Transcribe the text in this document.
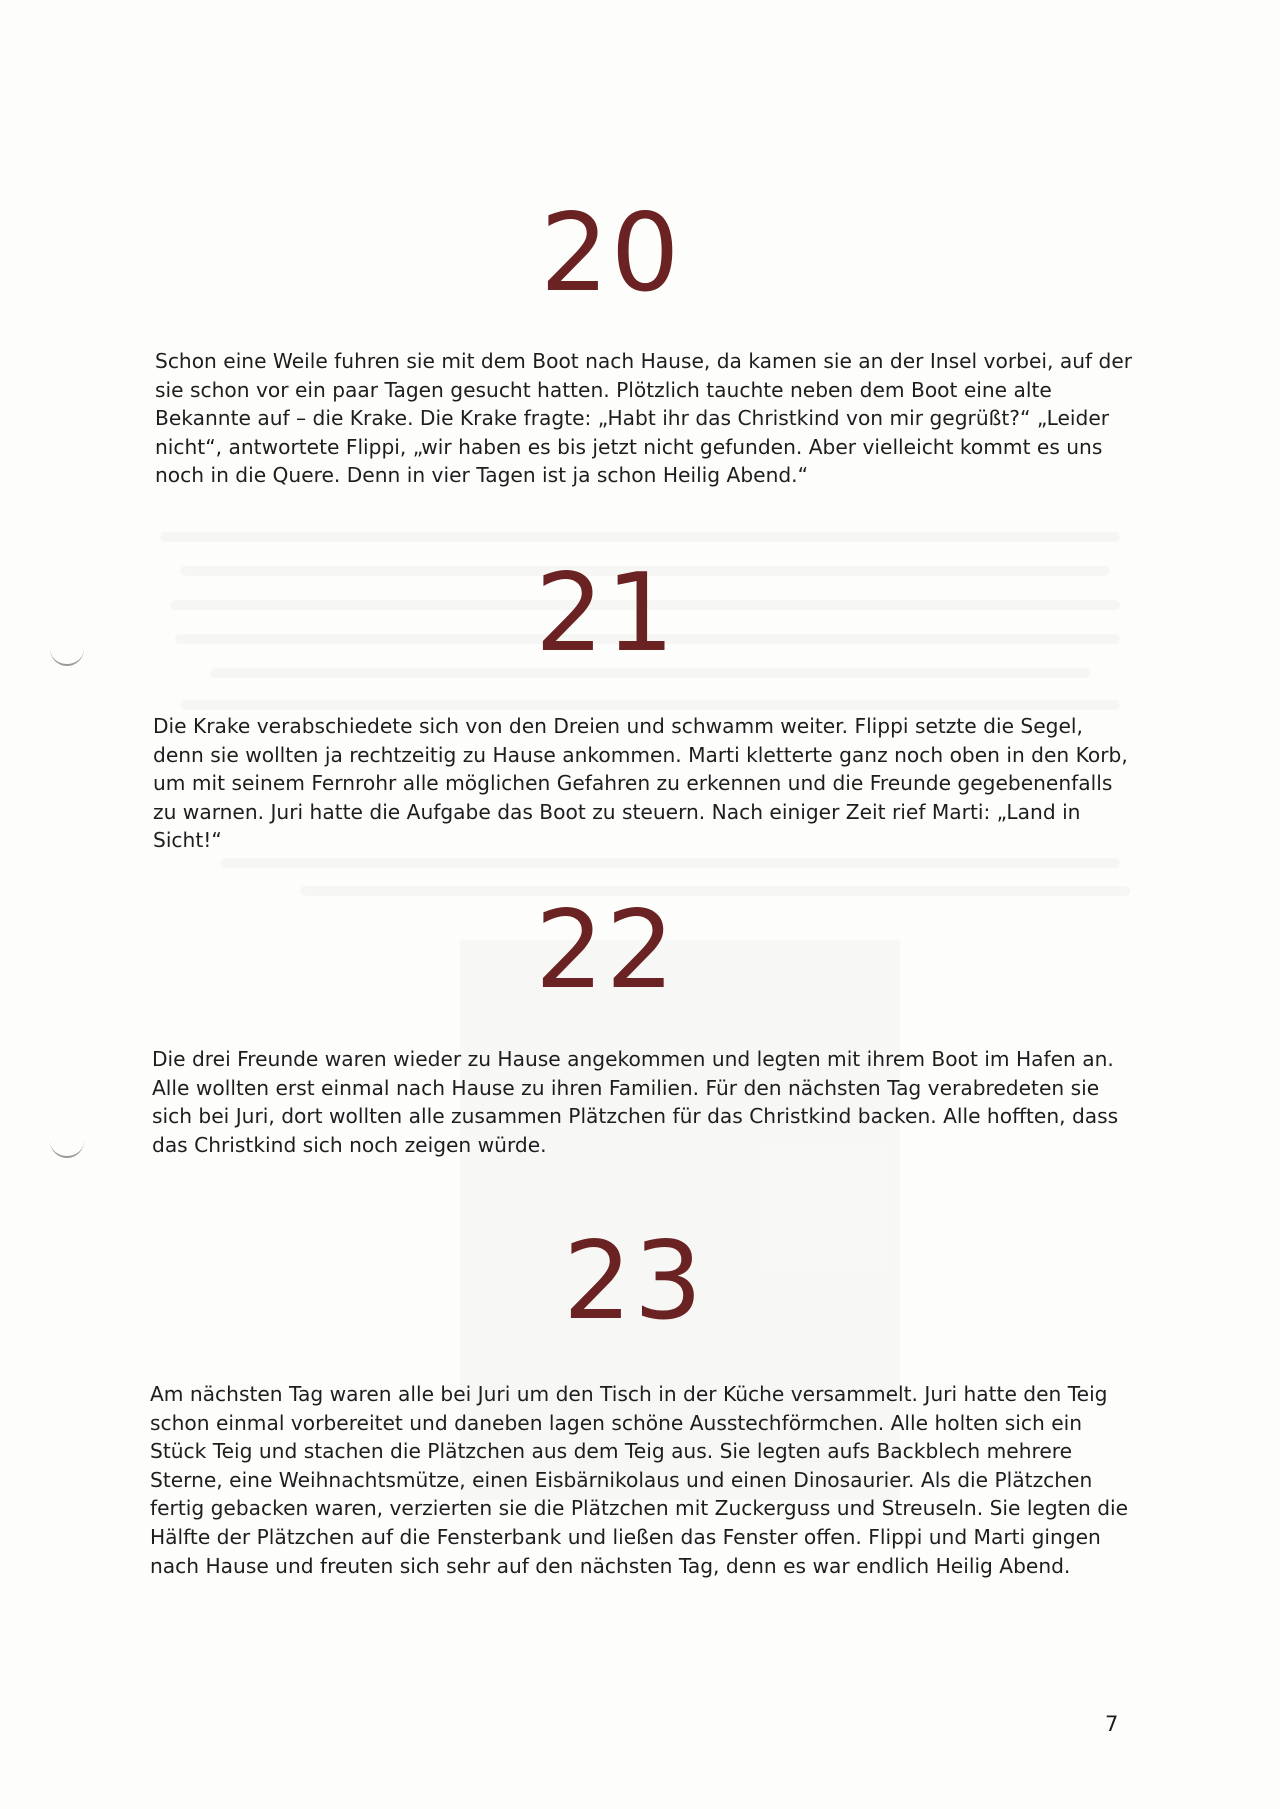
20

Schon eine Weile fuhren sie mit dem Boot nach Hause, da kamen sie an der Insel vorbei, auf der sie schon vor ein paar Tagen gesucht hatten. Plötzlich tauchte neben dem Boot eine alte Bekannte auf – die Krake. Die Krake fragte: „Habt ihr das Christkind von mir gegrüßt?“ „Leider nicht“, antwortete Flippi, „wir haben es bis jetzt nicht gefunden. Aber vielleicht kommt es uns noch in die Quere. Denn in vier Tagen ist ja schon Heilig Abend.“

21

Die Krake verabschiedete sich von den Dreien und schwamm weiter. Flippi setzte die Segel, denn sie wollten ja rechtzeitig zu Hause ankommen. Marti kletterte ganz noch oben in den Korb, um mit seinem Fernrohr alle möglichen Gefahren zu erkennen und die Freunde gegebenenfalls zu warnen. Juri hatte die Aufgabe das Boot zu steuern. Nach einiger Zeit rief Marti: „Land in Sicht!“

22

Die drei Freunde waren wieder zu Hause angekommen und legten mit ihrem Boot im Hafen an. Alle wollten erst einmal nach Hause zu ihren Familien. Für den nächsten Tag verabredeten sie sich bei Juri, dort wollten alle zusammen Plätzchen für das Christkind backen. Alle hofften, dass das Christkind sich noch zeigen würde.

23

Am nächsten Tag waren alle bei Juri um den Tisch in der Küche versammelt. Juri hatte den Teig schon einmal vorbereitet und daneben lagen schöne Ausstechförmchen. Alle holten sich ein Stück Teig und stachen die Plätzchen aus dem Teig aus. Sie legten aufs Backblech mehrere Sterne, eine Weihnachtsmütze, einen Eisbärnikolaus und einen Dinosaurier. Als die Plätzchen fertig gebacken waren, verzierten sie die Plätzchen mit Zuckerguss und Streuseln. Sie legten die Hälfte der Plätzchen auf die Fensterbank und ließen das Fenster offen. Flippi und Marti gingen nach Hause und freuten sich sehr auf den nächsten Tag, denn es war endlich Heilig Abend.

7
